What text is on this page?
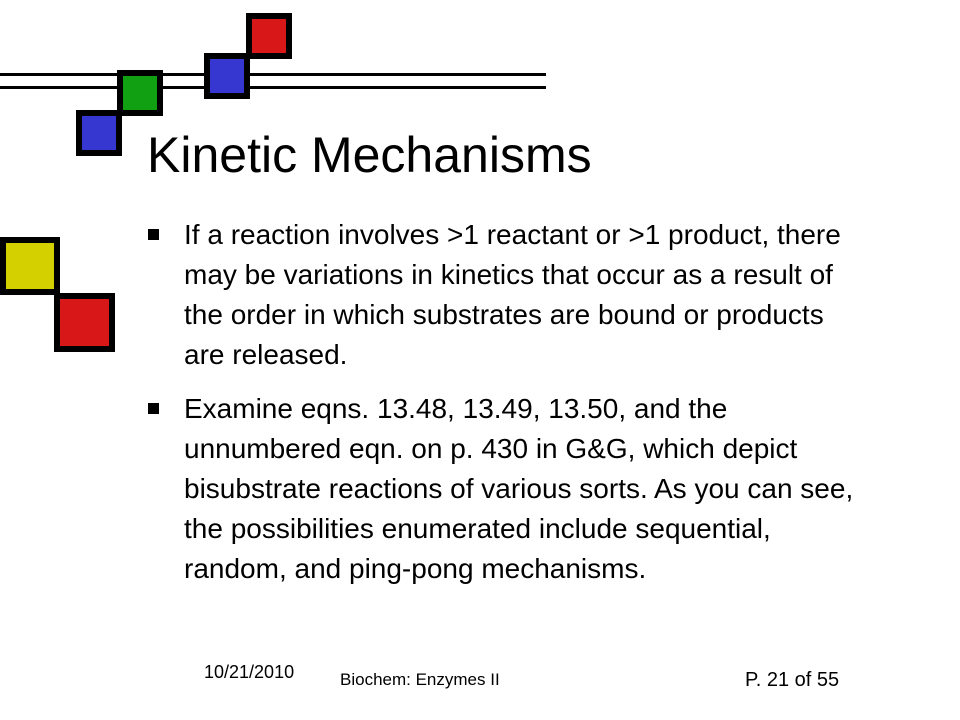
Kinetic Mechanisms
If a reaction involves >1 reactant or >1 product, there may be variations in kinetics that occur as a result of the order in which substrates are bound or products are released.
Examine eqns. 13.48, 13.49, 13.50, and the unnumbered eqn. on p. 430 in G&G, which depict bisubstrate reactions of various sorts. As you can see, the possibilities enumerated include sequential, random, and ping-pong mechanisms.
10/21/2010	Biochem: Enzymes II	P. 21 of 55
